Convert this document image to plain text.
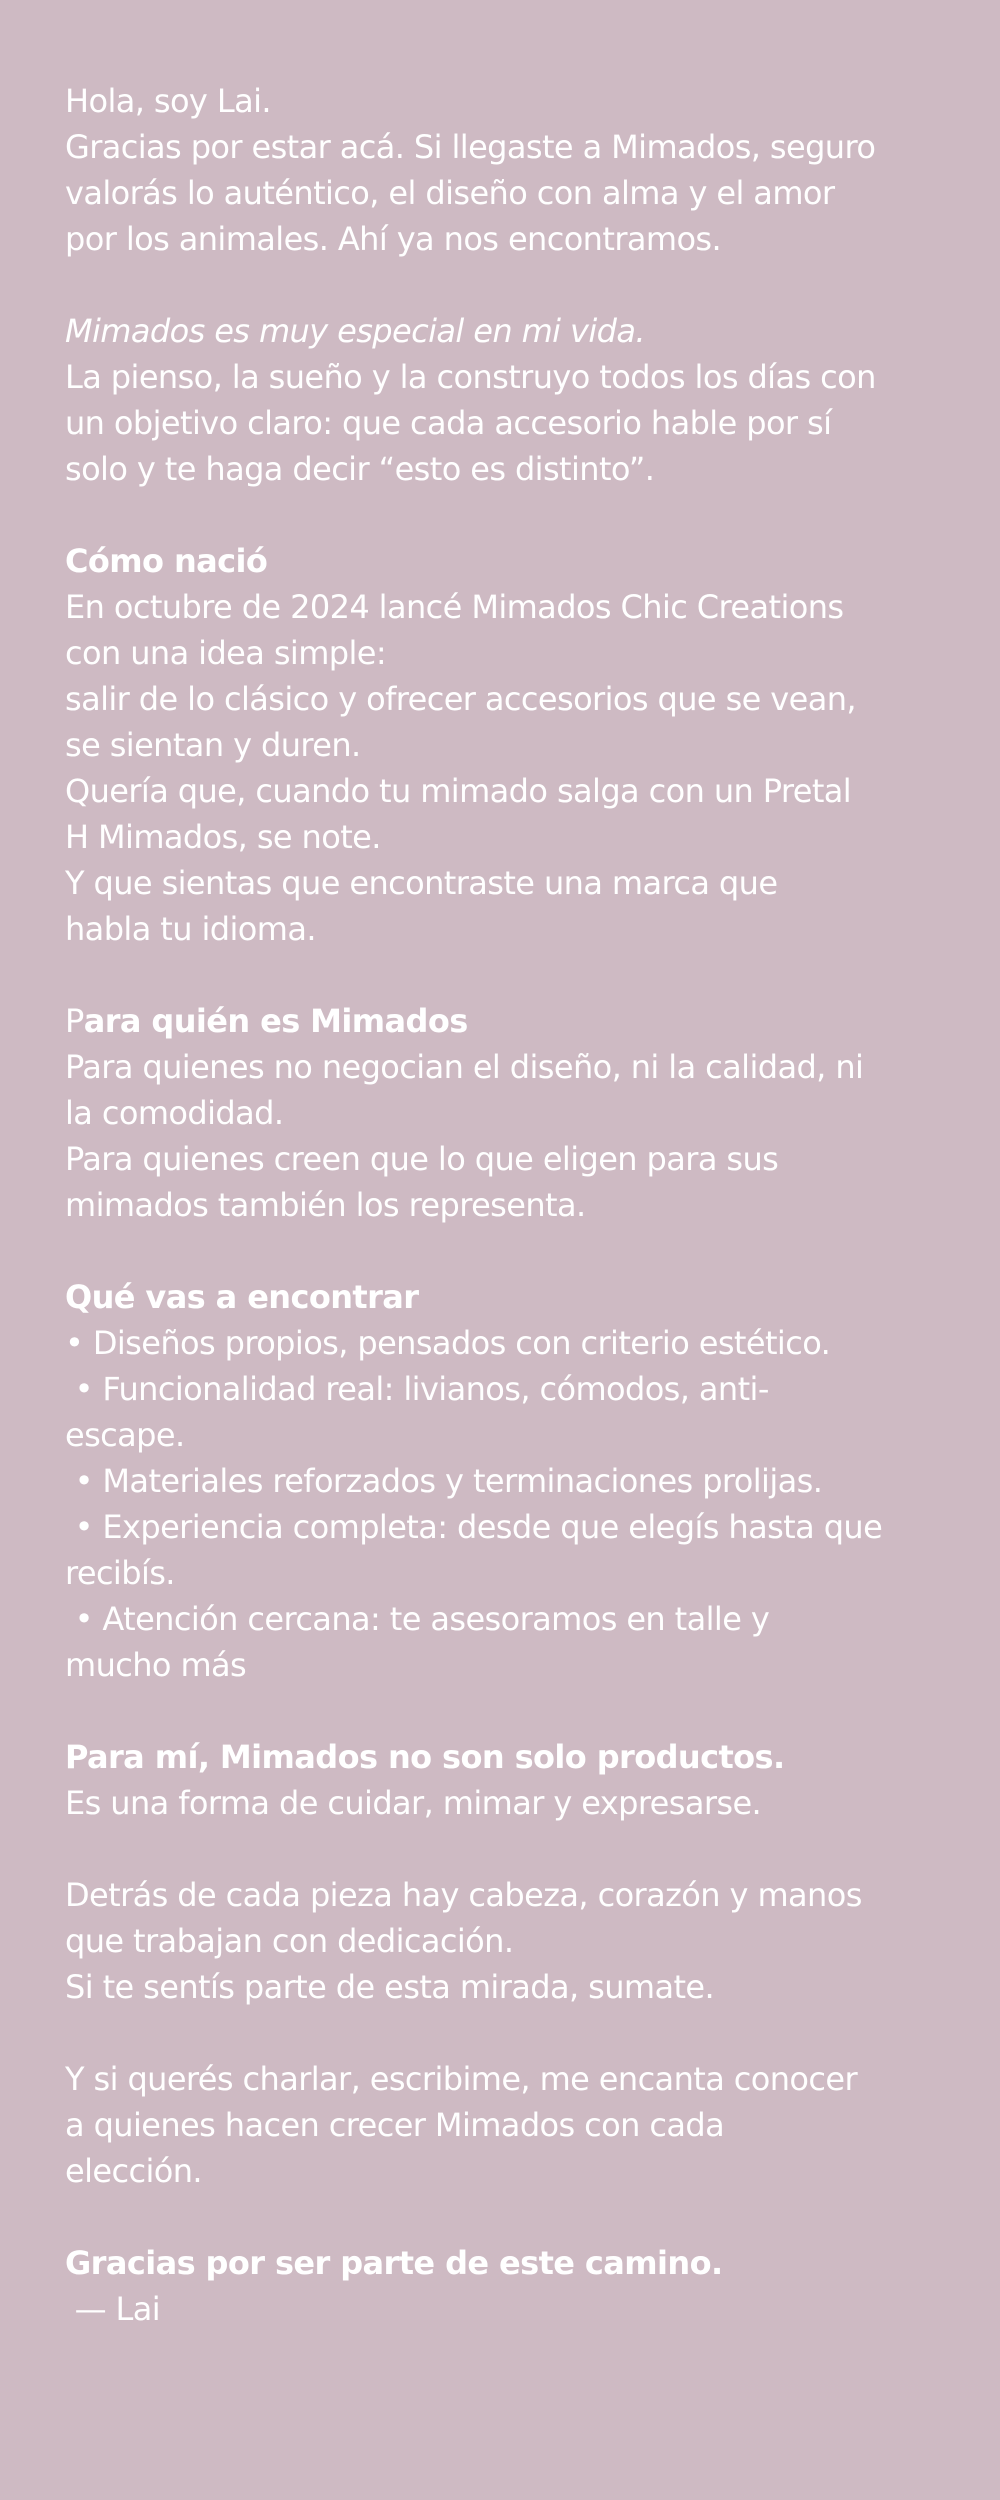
Hola, soy Lai.
Gracias por estar acá. Si llegaste a Mimados, seguro
valorás lo auténtico, el diseño con alma y el amor
por los animales. Ahí ya nos encontramos.
Mimados es muy especial en mi vida.
La pienso, la sueño y la construyo todos los días con
un objetivo claro: que cada accesorio hable por sí
solo y te haga decir “esto es distinto”.
Cómo nació
En octubre de 2024 lancé Mimados Chic Creations
con una idea simple:
salir de lo clásico y ofrecer accesorios que se vean,
se sientan y duren.
Quería que, cuando tu mimado salga con un Pretal
H Mimados, se note.
Y que sientas que encontraste una marca que
habla tu idioma.
Para quién es Mimados
Para quienes no negocian el diseño, ni la calidad, ni
la comodidad.
Para quienes creen que lo que eligen para sus
mimados también los representa.
Qué vas a encontrar
• Diseños propios, pensados con criterio estético.
• Funcionalidad real: livianos, cómodos, anti-
escape.
• Materiales reforzados y terminaciones prolijas.
• Experiencia completa: desde que elegís hasta que
recibís.
• Atención cercana: te asesoramos en talle y
mucho más
Para mí, Mimados no son solo productos.
Es una forma de cuidar, mimar y expresarse.
Detrás de cada pieza hay cabeza, corazón y manos
que trabajan con dedicación.
Si te sentís parte de esta mirada, sumate.
Y si querés charlar, escribime, me encanta conocer
a quienes hacen crecer Mimados con cada
elección.
Gracias por ser parte de este camino.
— Lai
